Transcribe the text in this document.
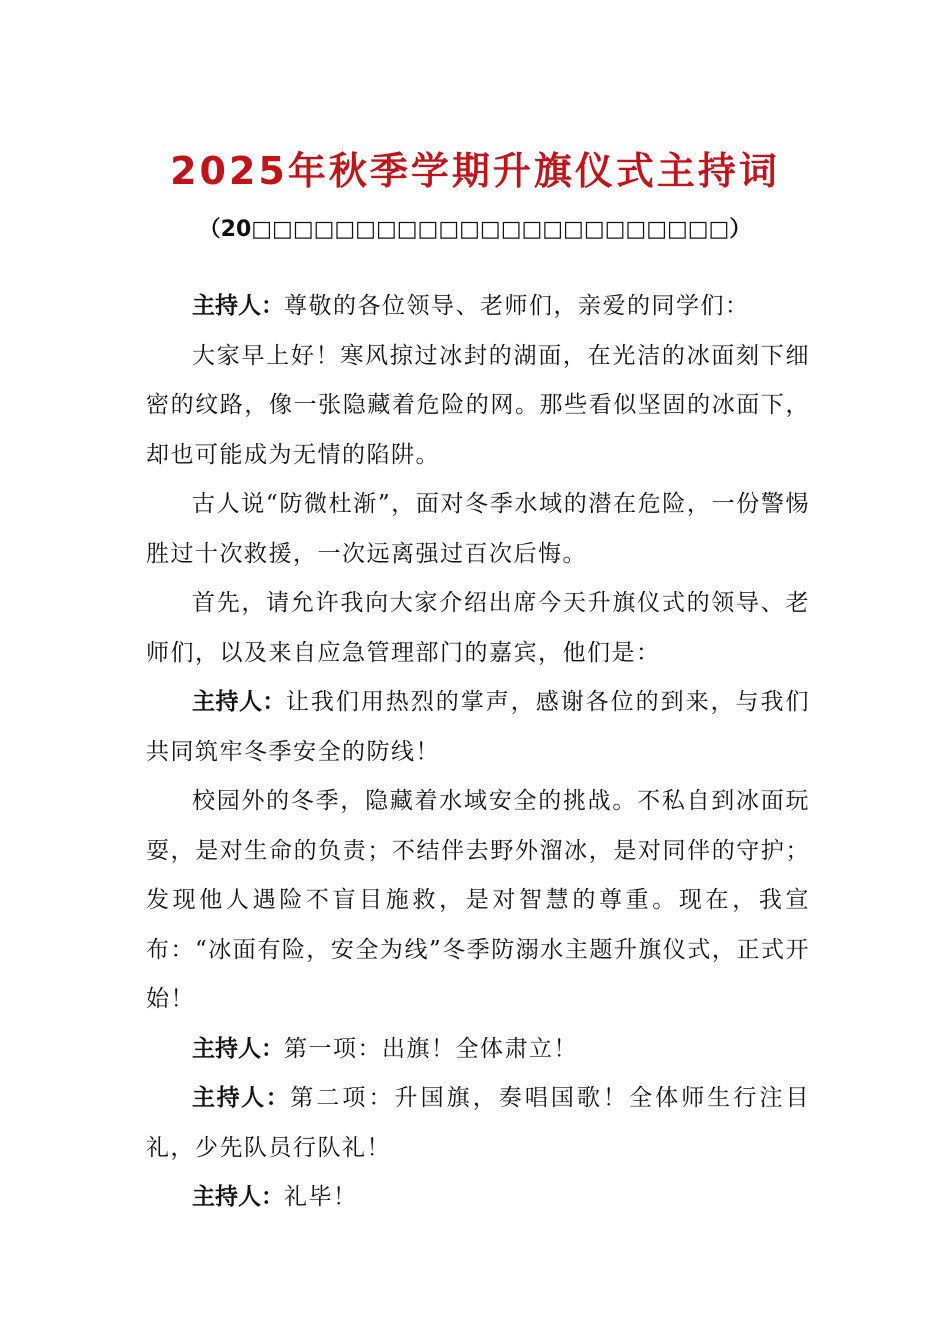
2025年秋季学期升旗仪式主持词
（20□□□□□□□□□□□□□□□□□□□□□□□）

主持人：尊敬的各位领导、老师们，亲爱的同学们：

大家早上好！寒风掠过冰封的湖面，在光洁的冰面刻下细密的纹路，像一张隐藏着危险的网。那些看似坚固的冰面下，却也可能成为无情的陷阱。

古人说“防微杜渐”，面对冬季水域的潜在危险，一份警惕胜过十次救援，一次远离强过百次后悔。

首先，请允许我向大家介绍出席今天升旗仪式的领导、老师们，以及来自应急管理部门的嘉宾，他们是：

主持人：让我们用热烈的掌声，感谢各位的到来，与我们共同筑牢冬季安全的防线！

校园外的冬季，隐藏着水域安全的挑战。不私自到冰面玩耍，是对生命的负责；不结伴去野外溜冰，是对同伴的守护；发现他人遇险不盲目施救，是对智慧的尊重。现在，我宣布：“冰面有险，安全为线”冬季防溺水主题升旗仪式，正式开始！

主持人：第一项：出旗！全体肃立！

主持人：第二项：升国旗，奏唱国歌！全体师生行注目礼，少先队员行队礼！

主持人：礼毕！
